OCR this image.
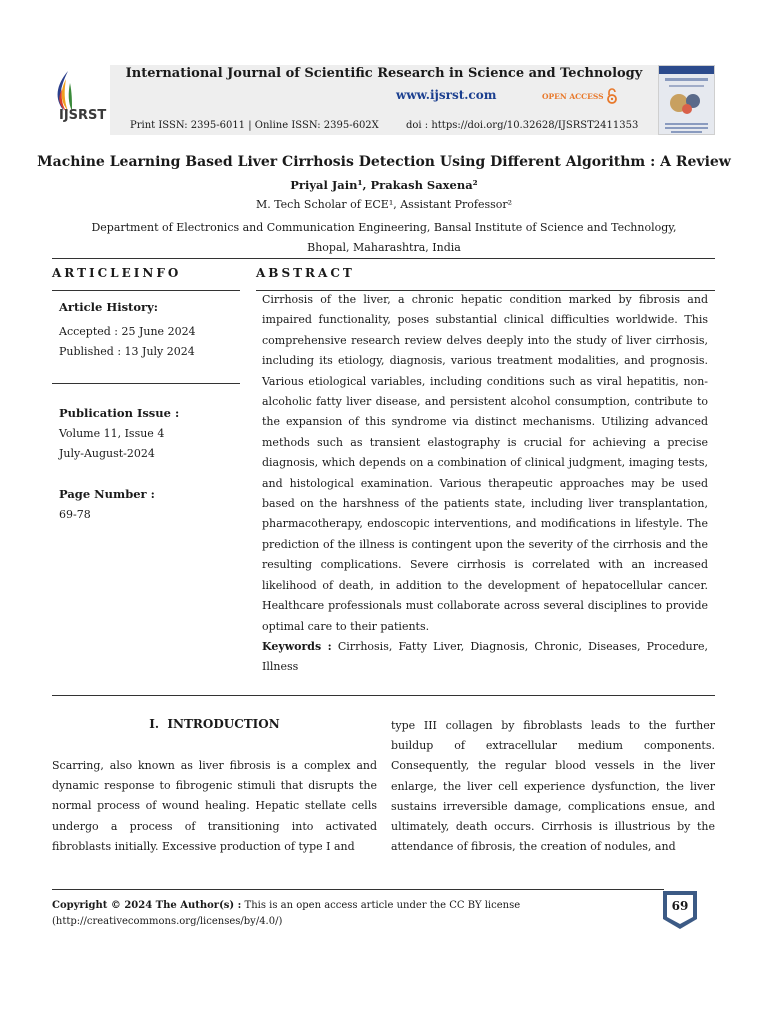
IJSRST
International Journal of Scientific Research in Science and Technology
www.ijsrst.com	OPEN ACCESS
Print ISSN: 2395-6011 | Online ISSN: 2395-602X	doi : https://doi.org/10.32628/IJSRST2411353
Machine Learning Based Liver Cirrhosis Detection Using Different Algorithm : A Review
Priyal Jain¹, Prakash Saxena²
M. Tech Scholar of ECE¹, Assistant Professor²
Department of Electronics and Communication Engineering, Bansal Institute of Science and Technology,
Bhopal, Maharashtra, India
ARTICLEINFO	ABSTRACT
Article History:
Accepted : 25 June 2024
Published : 13 July 2024
Publication Issue :
Volume 11, Issue 4
July-August-2024
Page Number :
69-78
Cirrhosis of the liver, a chronic hepatic condition marked by fibrosis and impaired functionality, poses substantial clinical difficulties worldwide. This comprehensive research review delves deeply into the study of liver cirrhosis, including its etiology, diagnosis, various treatment modalities, and prognosis. Various etiological variables, including conditions such as viral hepatitis, non-alcoholic fatty liver disease, and persistent alcohol consumption, contribute to the expansion of this syndrome via distinct mechanisms. Utilizing advanced methods such as transient elastography is crucial for achieving a precise diagnosis, which depends on a combination of clinical judgment, imaging tests, and histological examination. Various therapeutic approaches may be used based on the harshness of the patients state, including liver transplantation, pharmacotherapy, endoscopic interventions, and modifications in lifestyle. The prediction of the illness is contingent upon the severity of the cirrhosis and the resulting complications. Severe cirrhosis is correlated with an increased likelihood of death, in addition to the development of hepatocellular cancer. Healthcare professionals must collaborate across several disciplines to provide optimal care to their patients.
Keywords : Cirrhosis, Fatty Liver, Diagnosis, Chronic, Diseases, Procedure, Illness
I.  INTRODUCTION
Scarring, also known as liver fibrosis is a complex and dynamic response to fibrogenic stimuli that disrupts the normal process of wound healing. Hepatic stellate cells undergo a process of transitioning into activated fibroblasts initially. Excessive production of type I and
type III collagen by fibroblasts leads to the further buildup of extracellular medium components. Consequently, the regular blood vessels in the liver enlarge, the liver cell experience dysfunction, the liver sustains irreversible damage, complications ensue, and ultimately, death occurs. Cirrhosis is illustrious by the attendance of fibrosis, the creation of nodules, and
Copyright © 2024 The Author(s) : This is an open access article under the CC BY license
(http://creativecommons.org/licenses/by/4.0/)
69
